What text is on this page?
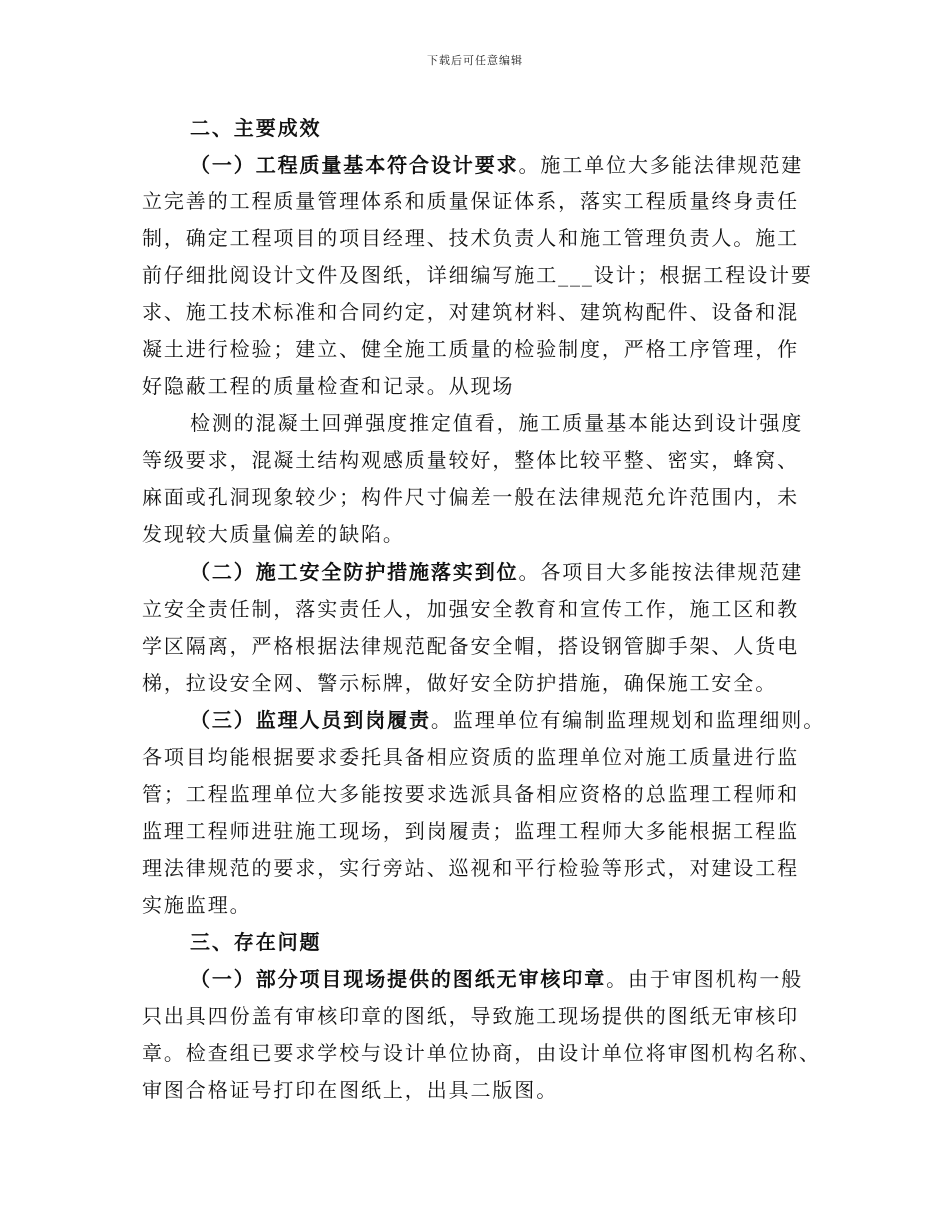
下载后可任意编辑
二、主要成效
（一）工程质量基本符合设计要求。施工单位大多能法律规范建
立完善的工程质量管理体系和质量保证体系，落实工程质量终身责任
制，确定工程项目的项目经理、技术负责人和施工管理负责人。施工
前仔细批阅设计文件及图纸，详细编写施工___设计；根据工程设计要
求、施工技术标准和合同约定，对建筑材料、建筑构配件、设备和混
凝土进行检验；建立、健全施工质量的检验制度，严格工序管理，作
好隐蔽工程的质量检查和记录。从现场
检测的混凝土回弹强度推定值看，施工质量基本能达到设计强度
等级要求，混凝土结构观感质量较好，整体比较平整、密实，蜂窝、
麻面或孔洞现象较少；构件尺寸偏差一般在法律规范允许范围内，未
发现较大质量偏差的缺陷。
（二）施工安全防护措施落实到位。各项目大多能按法律规范建
立安全责任制，落实责任人，加强安全教育和宣传工作，施工区和教
学区隔离，严格根据法律规范配备安全帽，搭设钢管脚手架、人货电
梯，拉设安全网、警示标牌，做好安全防护措施，确保施工安全。
（三）监理人员到岗履责。监理单位有编制监理规划和监理细则。
各项目均能根据要求委托具备相应资质的监理单位对施工质量进行监
管；工程监理单位大多能按要求选派具备相应资格的总监理工程师和
监理工程师进驻施工现场，到岗履责；监理工程师大多能根据工程监
理法律规范的要求，实行旁站、巡视和平行检验等形式，对建设工程
实施监理。
三、存在问题
（一）部分项目现场提供的图纸无审核印章。由于审图机构一般
只出具四份盖有审核印章的图纸，导致施工现场提供的图纸无审核印
章。检查组已要求学校与设计单位协商，由设计单位将审图机构名称、
审图合格证号打印在图纸上，出具二版图。
